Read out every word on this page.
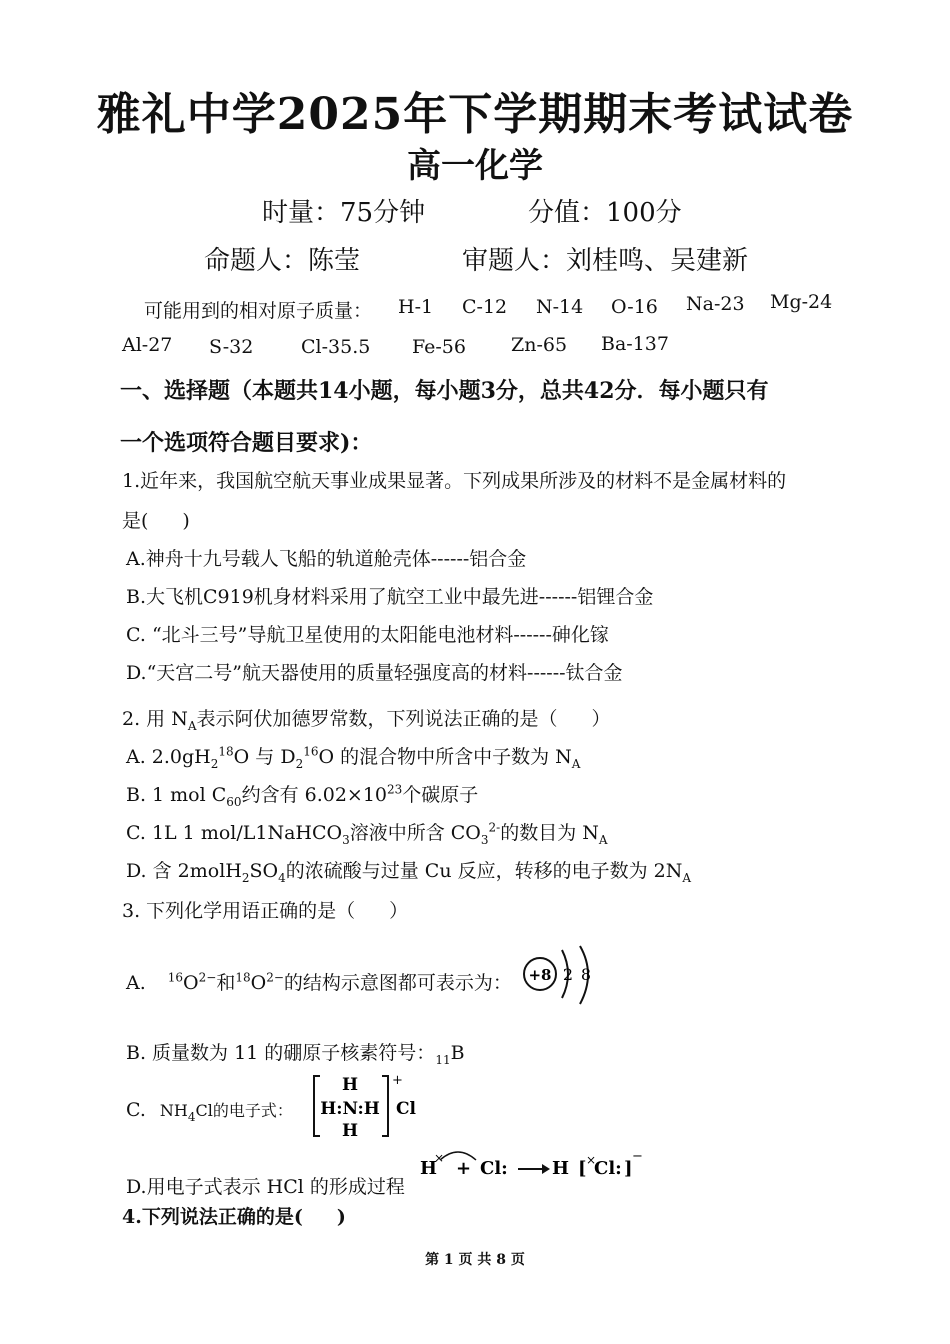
雅礼中学2025年下学期期末考试试卷
高一化学
时量：75分钟	分值：100分
命题人：陈莹	审题人：刘桂鸣、吴建新
可能用到的相对原子质量： H-1 C-12 N-14 O-16 Na-23 Mg-24
Al-27 S-32	Cl-35.5 Fe-56 Zn-65 Ba-137
一、选择题（本题共14小题，每小题3分，总共42分．每小题只有
一个选项符合题目要求)：
1.近年来，我国航空航天事业成果显著。下列成果所涉及的材料不是金属材料的
是( )
A.神舟十九号载人飞船的轨道舱壳体------铝合金
B.大飞机C919机身材料采用了航空工业中最先进------铝锂合金
C. “北斗三号”导航卫星使用的太阳能电池材料------砷化镓
D.“天宫二号”航天器使用的质量轻强度高的材料------钛合金
2. 用 $N_A$表示阿伏加德罗常数，下列说法正确的是（ ）
A. $2.0gH_2^{18}O$ 与 $D_2^{16}O$ 的混合物中所含中子数为 $N_A$
B. 1 mol $C_{60}$约含有 $6.02\times 10^{23}$个碳原子
C. 1L 1 mol/L1NaHCO$_3$溶液中所含 $CO_3^{2-}$的数目为 $N_A$
D. 含 $2molH_2SO_4$的浓硫酸与过量 Cu 反应，转移的电子数为 $2N_A$
3. 下列化学用语正确的是（ ）
A. $^{16}O^{2-}$和$^{18}O^{2-}$的结构示意图都可表示为： +8 2 8
B. 质量数为 11 的硼原子核素符号：$_{11}$B
C. $NH_4Cl$的电子式：
H
H:N:H
H
+
Cl
D.用电子式表示 HCl 的形成过程
H
× + Cl: H [ ×
Cl: ]
−
4.下列说法正确的是( )
第 1 页 共 8 页
